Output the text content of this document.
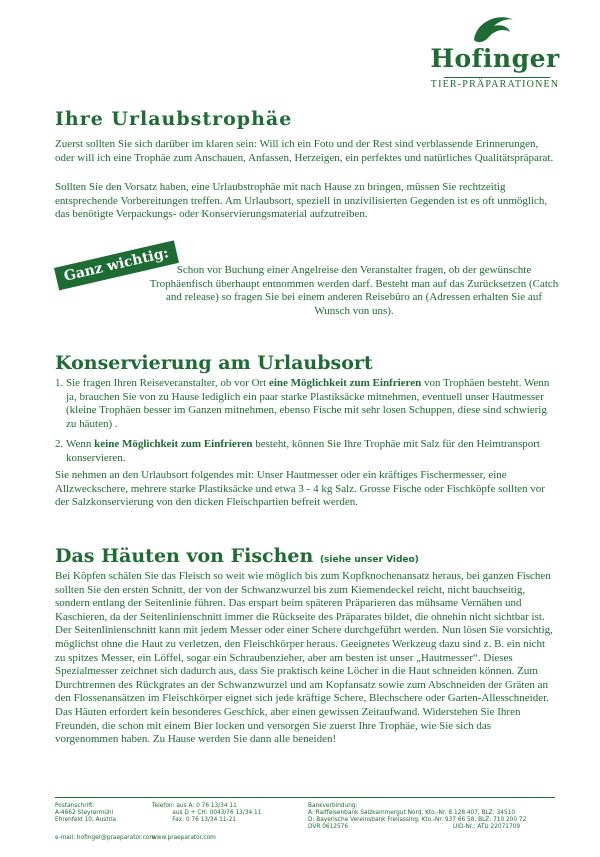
Hofinger
TIER-PRÄPARATIONEN
Ihre Urlaubstrophäe

Zuerst sollten Sie sich darüber im klaren sein: Will ich ein Foto und der Rest sind verblassende Erinnerungen, oder will ich eine Trophäe zum Anschauen, Anfassen, Herzeigen, ein perfektes und natürliches Qualitätspräparat.

Sollten Sie den Vorsatz haben, eine Urlaubstrophäe mit nach Hause zu bringen, müssen Sie rechtzeitig entsprechende Vorbereitungen treffen. Am Urlaubsort, speziell in unzivilisierten Gegenden ist es oft unmöglich, das benötigte Verpackungs- oder Konservierungsmaterial aufzutreiben.

Ganz wichtig: Schon vor Buchung einer Angelreise den Veranstalter fragen, ob der gewünschte Trophäenfisch überhaupt entnommen werden darf. Besteht man auf das Zurücksetzen (Catch and release) so fragen Sie bei einem anderen Reisebüro an (Adressen erhalten Sie auf Wunsch von uns).

Konservierung am Urlaubsort
1. Sie fragen Ihren Reiseveranstalter, ob vor Ort eine Möglichkeit zum Einfrieren von Trophäen besteht. Wenn ja, brauchen Sie von zu Hause lediglich ein paar starke Plastiksäcke mitnehmen, eventuell unser Hautmesser (kleine Trophäen besser im Ganzen mitnehmen, ebenso Fische mit sehr losen Schuppen, diese sind schwierig zu häuten) .
2. Wenn keine Möglichkeit zum Einfrieren besteht, können Sie Ihre Trophäe mit Salz für den Heimtransport konservieren.

Sie nehmen an den Urlaubsort folgendes mit: Unser Hautmesser oder ein kräftiges Fischermesser, eine Allzweckschere, mehrere starke Plastiksäcke und etwa 3 - 4 kg Salz. Grosse Fische oder Fischköpfe sollten vor der Salzkonservierung von den dicken Fleischpartien befreit werden.

Das Häuten von Fischen (siehe unser Video)

Bei Köpfen schälen Sie das Fleisch so weit wie möglich bis zum Kopfknochenansatz heraus, bei ganzen Fischen sollten Sie den ersten Schnitt, der von der Schwanzwurzel bis zum Kiemendeckel reicht, nicht bauchseitig, sondern entlang der Seitenlinie führen. Das erspart beim späteren Präparieren das mühsame Vernähen und Kaschieren, da der Seitenlinienschnitt immer die Rückseite des Präparates bildet, die ohnehin nicht sichtbar ist. Der Seitenlinienschnitt kann mit jedem Messer oder einer Schere durchgeführt werden. Nun lösen Sie vorsichtig, möglichst ohne die Haut zu verletzen, den Fleischkörper heraus. Geeignetes Werkzeug dazu sind z. B. ein nicht zu spitzes Messer, ein Löffel, sogar ein Schraubenzieher, aber am besten ist unser „Hautmesser“. Dieses Spezialmesser zeichnet sich dadurch aus, dass Sie praktisch keine Löcher in die Haut schneiden können. Zum Durchtrennen des Rückgrates an der Schwanzwurzel und am Kopfansatz sowie zum Abschneiden der Gräten an den Flossenansätzen im Fleischkörper eignet sich jede kräftige Schere, Blechschere oder Garten-Allesschneider. Das Häuten erfordert kein besonderes Geschick, aber einen gewissen Zeitaufwand. Widerstehen Sie Ihren Freunden, die schon mit einem Bier locken und versorgen Sie zuerst Ihre Trophäe, wie Sie sich das vorgenommen haben. Zu Hause werden Sie dann alle beneiden!

Postanschrift:
A-4662 Steyrermühl
Ehrenfeld 10, Austria

Telefon: aus A: 0 76 13/34 11
aus D + CH: 0043/76 13/34 11
Fax: 0 76 13/34 11-21

Bankverbindung:
A: Raiffeisenbank Salzkammergut Nord, Kto.-Nr. 8.128.407, BLZ: 34510
D: Bayerische Vereinsbank Freilassing, Kto.-Nr. 937 66 58, BLZ: 710 200 72
DVR 0612576                                                         UID-Nr.: ATU 22071709

e-mail: hofinger@praeparator.com

www.praeparator.com
